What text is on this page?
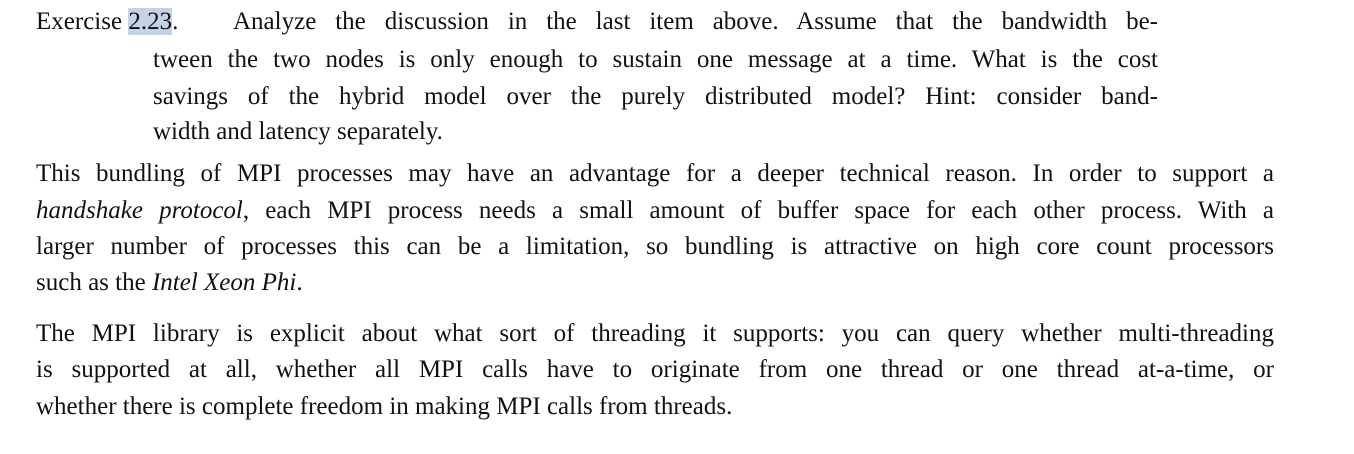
Exercise 2.23. Analyze the discussion in the last item above. Assume that the bandwidth be-
tween the two nodes is only enough to sustain one message at a time. What is the cost
savings of the hybrid model over the purely distributed model? Hint: consider band-
width and latency separately.
This bundling of MPI processes may have an advantage for a deeper technical reason. In order to support a
handshake protocol, each MPI process needs a small amount of buffer space for each other process. With a
larger number of processes this can be a limitation, so bundling is attractive on high core count processors
such as the Intel Xeon Phi.
The MPI library is explicit about what sort of threading it supports: you can query whether multi-threading
is supported at all, whether all MPI calls have to originate from one thread or one thread at-a-time, or
whether there is complete freedom in making MPI calls from threads.
